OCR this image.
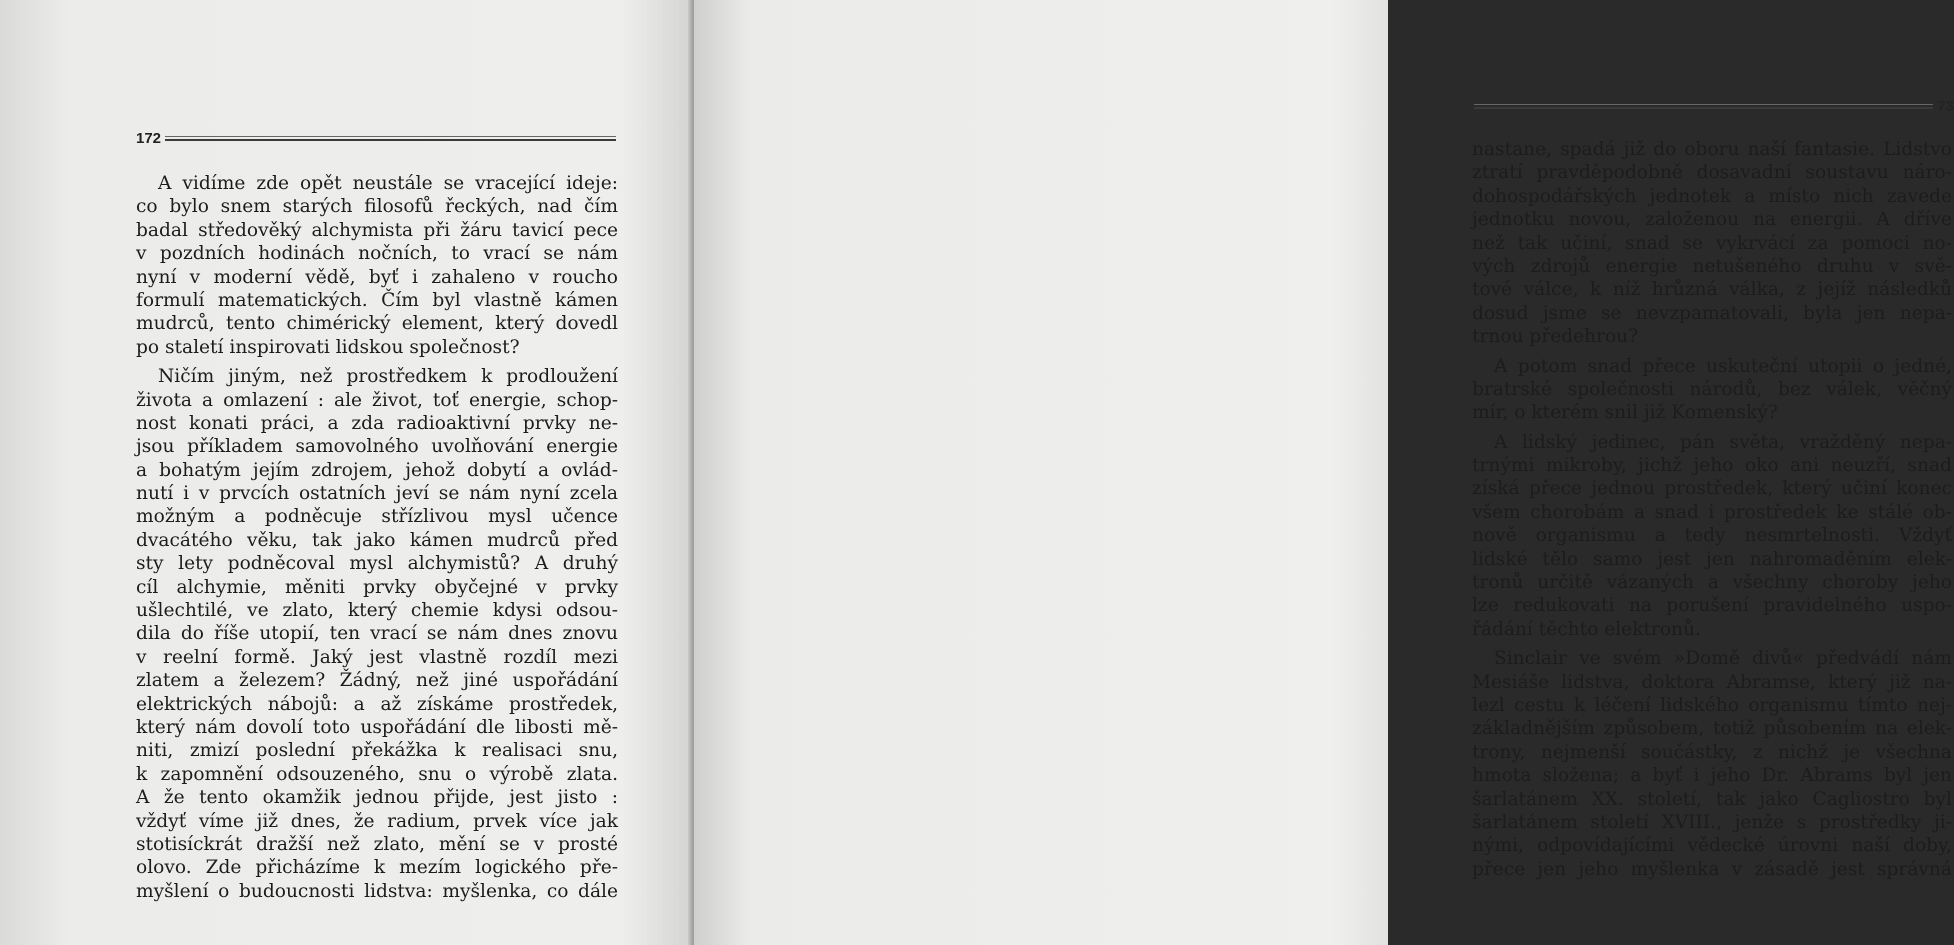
172
A vidíme zde opět neustále se vracející ideje:
co bylo snem starých filosofů řeckých, nad čím
badal středověký alchymista při žáru tavicí pece
v pozdních hodinách nočních, to vrací se nám
nyní v moderní vědě, byť i zahaleno v roucho
formulí matematických. Čím byl vlastně kámen
mudrců, tento chimérický element, který dovedl
po staletí inspirovati lidskou společnost?
Ničím jiným, než prostředkem k prodloužení
života a omlazení : ale život, toť energie, schop-
nost konati práci, a zda radioaktivní prvky ne-
jsou příkladem samovolného uvolňování energie
a bohatým jejím zdrojem, jehož dobytí a ovlád-
nutí i v prvcích ostatních jeví se nám nyní zcela
možným a podněcuje střízlivou mysl učence
dvacátého věku, tak jako kámen mudrců před
sty lety podněcoval mysl alchymistů? A druhý
cíl alchymie, měniti prvky obyčejné v prvky
ušlechtilé, ve zlato, který chemie kdysi odsou-
dila do říše utopií, ten vrací se nám dnes znovu
v reelní formě. Jaký jest vlastně rozdíl mezi
zlatem a železem? Žádný, než jiné uspořádání
elektrických nábojů: a až získáme prostředek,
který nám dovolí toto uspořádání dle libosti mě-
niti, zmizí poslední překážka k realisaci snu,
k zapomnění odsouzeného, snu o výrobě zlata.
A že tento okamžik jednou přijde, jest jisto :
vždyť víme již dnes, že radium, prvek více jak
stotisíckrát dražší než zlato, mění se v prosté
olovo. Zde přicházíme k mezím logického pře-
myšlení o budoucnosti lidstva: myšlenka, co dále
73
nastane, spadá již do oboru naší fantasie. Lidstvo
ztratí pravděpodobně dosavadní soustavu náro-
dohospodářských jednotek a místo nich zavede
jednotku novou, založenou na energii. A dříve
než tak učiní, snad se vykrvácí za pomoci no-
vých zdrojů energie netušeného druhu v svě-
tové válce, k níž hrůzná válka, z jejíž následků
dosud jsme se nevzpamatovali, byla jen nepa-
trnou předehrou?
A potom snad přece uskuteční utopii o jedné,
bratrské společnosti národů, bez válek, věčný
mír, o kterém snil již Komenský?
A lidský jedinec, pán světa, vražděný nepa-
trnými mikroby, jichž jeho oko ani neuzří, snad
získá přece jednou prostředek, který učiní konec
všem chorobám a snad i prostředek ke stálé ob-
nově organismu a tedy nesmrtelnosti. Vždyť
lidské tělo samo jest jen nahromaděním elek-
tronů určitě vázaných a všechny choroby jeho
lze redukovati na porušení pravidelného uspo-
řádání těchto elektronů.
Sinclair ve svém »Domě divů« předvádí nám
Mesiáše lidstva, doktora Abramse, který již na-
lezl cestu k léčení lidského organismu tímto nej-
základnějším způsobem, totiž působením na elek-
trony, nejmenší součástky, z nichž je všechna
hmota složena; a byť i jeho Dr. Abrams byl jen
šarlatánem XX. století, tak jako Cagliostro byl
šarlatánem století XVIII., jenže s prostředky ji-
nými, odpovídajícími vědecké úrovni naší doby,
přece jen jeho myšlenka v zásadě jest správná
